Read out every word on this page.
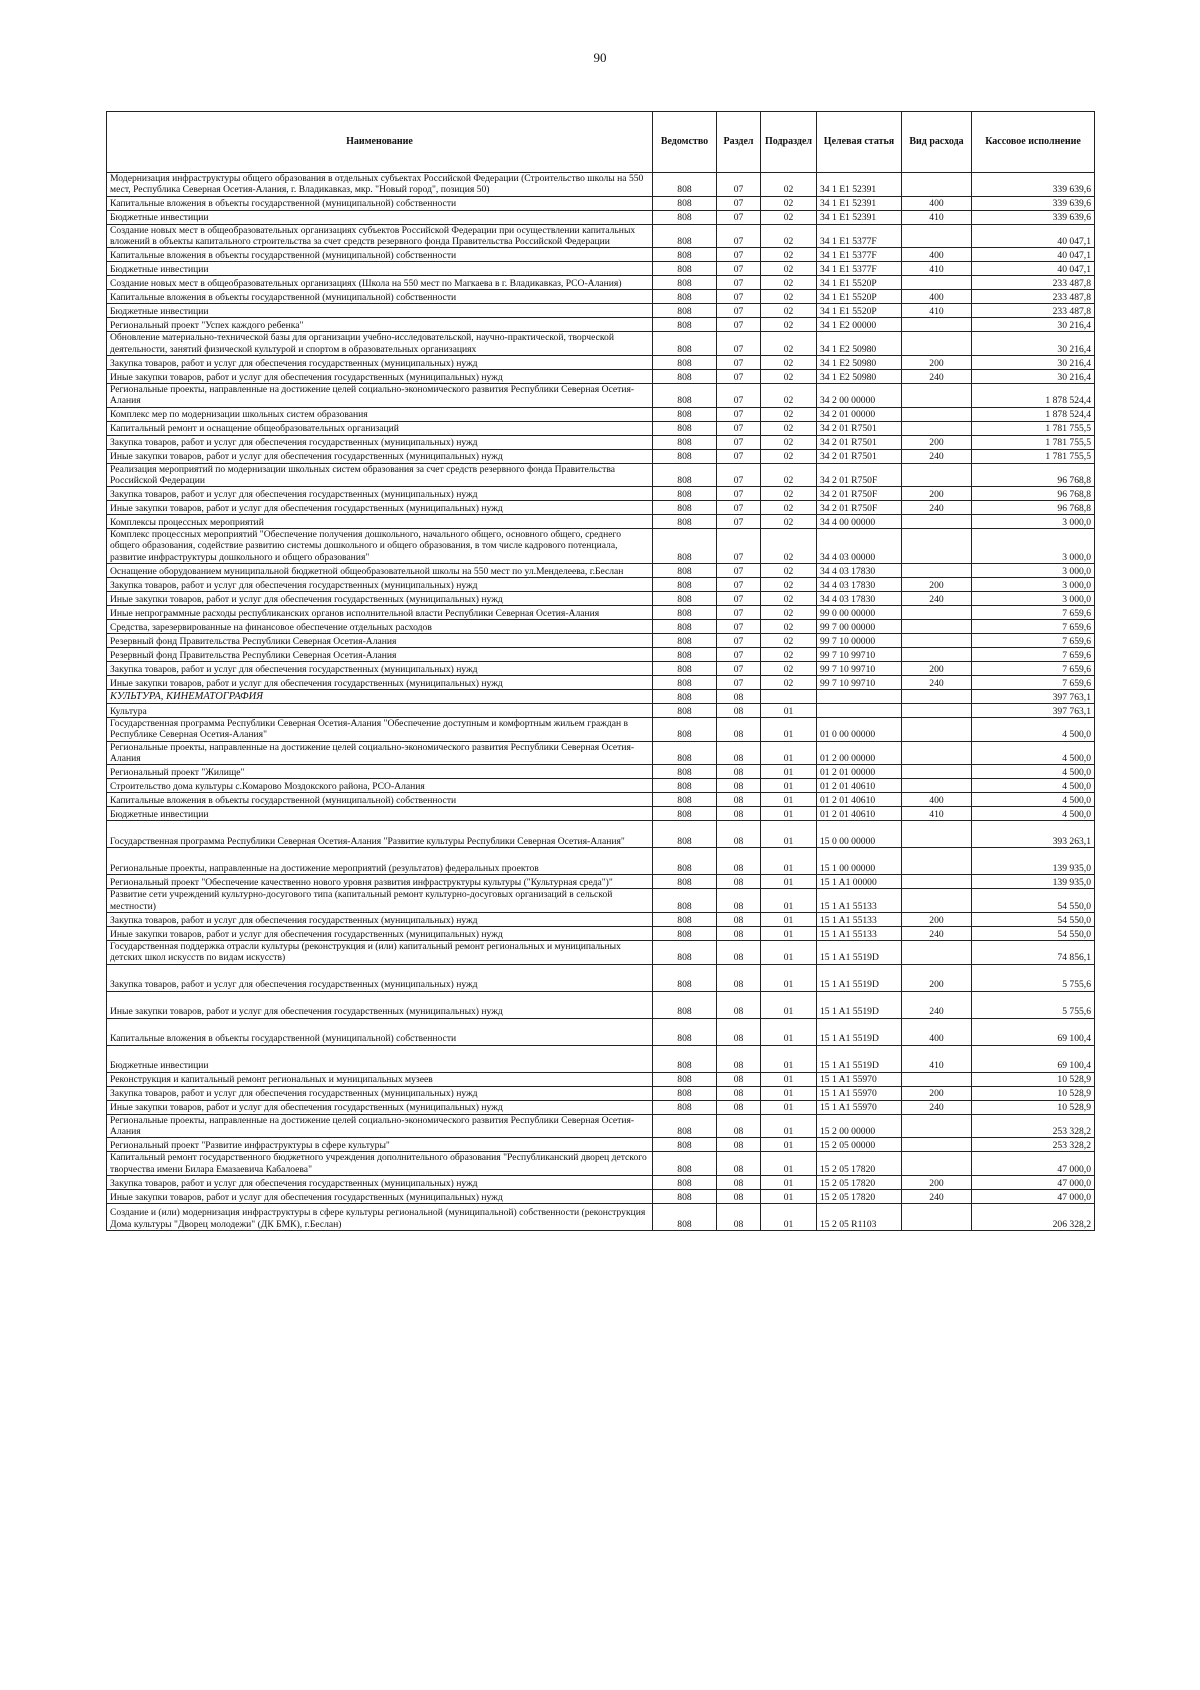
90
Наименование	Ведомство	Раздел	Подраздел	Целевая статья	Вид расхода	Кассовое исполнение
Модернизация инфраструктуры общего образования в отдельных субъектах Российской Федерации (Строительство школы на 550 мест, Республика Северная Осетия-Алания, г. Владикавказ, мкр. "Новый город", позиция 50)	808	07	02	34 1 E1 52391		339 639,6
Капитальные вложения в объекты государственной (муниципальной) собственности	808	07	02	34 1 E1 52391	400	339 639,6
Бюджетные инвестиции	808	07	02	34 1 E1 52391	410	339 639,6
Создание новых мест в общеобразовательных организациях субъектов Российской Федерации при осуществлении капитальных вложений в объекты капитального строительства за счет средств резервного фонда Правительства Российской Федерации	808	07	02	34 1 E1 5377F		40 047,1
Капитальные вложения в объекты государственной (муниципальной) собственности	808	07	02	34 1 E1 5377F	400	40 047,1
Бюджетные инвестиции	808	07	02	34 1 E1 5377F	410	40 047,1
Создание новых мест в общеобразовательных организациях (Школа на 550 мест по Магкаева в г. Владикавказ, РСО-Алания)	808	07	02	34 1 E1 5520P		233 487,8
Капитальные вложения в объекты государственной (муниципальной) собственности	808	07	02	34 1 E1 5520P	400	233 487,8
Бюджетные инвестиции	808	07	02	34 1 E1 5520P	410	233 487,8
Региональный проект "Успех каждого ребенка"	808	07	02	34 1 E2 00000		30 216,4
Обновление материально-технической базы для организации учебно-исследовательской, научно-практической, творческой деятельности, занятий физической культурой и спортом в образовательных организациях	808	07	02	34 1 E2 50980		30 216,4
Закупка товаров, работ и услуг для обеспечения государственных (муниципальных) нужд	808	07	02	34 1 E2 50980	200	30 216,4
Иные закупки товаров, работ и услуг для обеспечения государственных (муниципальных) нужд	808	07	02	34 1 E2 50980	240	30 216,4
Региональные проекты, направленные на достижение целей социально-экономического развития Республики Северная Осетия-Алания	808	07	02	34 2 00 00000		1 878 524,4
Комплекс мер по модернизации школьных систем образования	808	07	02	34 2 01 00000		1 878 524,4
Капитальный ремонт и оснащение общеобразовательных организаций	808	07	02	34 2 01 R7501		1 781 755,5
Закупка товаров, работ и услуг для обеспечения государственных (муниципальных) нужд	808	07	02	34 2 01 R7501	200	1 781 755,5
Иные закупки товаров, работ и услуг для обеспечения государственных (муниципальных) нужд	808	07	02	34 2 01 R7501	240	1 781 755,5
Реализация мероприятий по модернизации школьных систем образования за счет средств резервного фонда Правительства Российской Федерации	808	07	02	34 2 01 R750F		96 768,8
Закупка товаров, работ и услуг для обеспечения государственных (муниципальных) нужд	808	07	02	34 2 01 R750F	200	96 768,8
Иные закупки товаров, работ и услуг для обеспечения государственных (муниципальных) нужд	808	07	02	34 2 01 R750F	240	96 768,8
Комплексы процессных мероприятий	808	07	02	34 4 00 00000		3 000,0
Комплекс процессных мероприятий "Обеспечение получения дошкольного, начального общего, основного общего, среднего общего образования, содействие развитию системы дошкольного и общего образования, в том числе кадрового потенциала, развитие инфраструктуры дошкольного и общего образования"	808	07	02	34 4 03 00000		3 000,0
Оснащение оборудованием муниципальной бюджетной общеобразовательной школы на 550 мест по ул.Менделеева, г.Беслан	808	07	02	34 4 03 17830		3 000,0
Закупка товаров, работ и услуг для обеспечения государственных (муниципальных) нужд	808	07	02	34 4 03 17830	200	3 000,0
Иные закупки товаров, работ и услуг для обеспечения государственных (муниципальных) нужд	808	07	02	34 4 03 17830	240	3 000,0
Иные непрограммные расходы республиканских органов исполнительной власти Республики Северная Осетия-Алания	808	07	02	99 0 00 00000		7 659,6
Средства, зарезервированные на финансовое обеспечение отдельных расходов	808	07	02	99 7 00 00000		7 659,6
Резервный фонд Правительства Республики Северная Осетия-Алания	808	07	02	99 7 10 00000		7 659,6
Резервный фонд Правительства Республики Северная Осетия-Алания	808	07	02	99 7 10 99710		7 659,6
Закупка товаров, работ и услуг для обеспечения государственных (муниципальных) нужд	808	07	02	99 7 10 99710	200	7 659,6
Иные закупки товаров, работ и услуг для обеспечения государственных (муниципальных) нужд	808	07	02	99 7 10 99710	240	7 659,6
КУЛЬТУРА, КИНЕМАТОГРАФИЯ	808	08				397 763,1
Культура	808	08	01			397 763,1
Государственная программа Республики Северная Осетия-Алания "Обеспечение доступным и комфортным жильем граждан в Республике Северная Осетия-Алания"	808	08	01	01 0 00 00000		4 500,0
Региональные проекты, направленные на достижение целей социально-экономического развития Республики Северная Осетия-Алания	808	08	01	01 2 00 00000		4 500,0
Региональный проект "Жилище"	808	08	01	01 2 01 00000		4 500,0
Строительство дома культуры с.Комарово Моздокского района, РСО-Алания	808	08	01	01 2 01 40610		4 500,0
Капитальные вложения в объекты государственной (муниципальной) собственности	808	08	01	01 2 01 40610	400	4 500,0
Бюджетные инвестиции	808	08	01	01 2 01 40610	410	4 500,0
Государственная программа Республики Северная Осетия-Алания "Развитие культуры Республики Северная Осетия-Алания"	808	08	01	15 0 00 00000		393 263,1
Региональные проекты, направленные на достижение мероприятий (результатов) федеральных проектов	808	08	01	15 1 00 00000		139 935,0
Региональный проект "Обеспечение качественно нового уровня развития инфраструктуры культуры ("Культурная среда")"	808	08	01	15 1 A1 00000		139 935,0
Развитие сети учреждений культурно-досугового типа (капитальный ремонт культурно-досуговых организаций в сельской местности)	808	08	01	15 1 A1 55133		54 550,0
Закупка товаров, работ и услуг для обеспечения государственных (муниципальных) нужд	808	08	01	15 1 A1 55133	200	54 550,0
Иные закупки товаров, работ и услуг для обеспечения государственных (муниципальных) нужд	808	08	01	15 1 A1 55133	240	54 550,0
Государственная поддержка отрасли культуры (реконструкция и (или) капитальный ремонт региональных и муниципальных детских школ искусств по видам искусств)	808	08	01	15 1 A1 5519D		74 856,1
Закупка товаров, работ и услуг для обеспечения государственных (муниципальных) нужд	808	08	01	15 1 A1 5519D	200	5 755,6
Иные закупки товаров, работ и услуг для обеспечения государственных (муниципальных) нужд	808	08	01	15 1 A1 5519D	240	5 755,6
Капитальные вложения в объекты государственной (муниципальной) собственности	808	08	01	15 1 A1 5519D	400	69 100,4
Бюджетные инвестиции	808	08	01	15 1 A1 5519D	410	69 100,4
Реконструкция и капитальный ремонт региональных и муниципальных музеев	808	08	01	15 1 A1 55970		10 528,9
Закупка товаров, работ и услуг для обеспечения государственных (муниципальных) нужд	808	08	01	15 1 A1 55970	200	10 528,9
Иные закупки товаров, работ и услуг для обеспечения государственных (муниципальных) нужд	808	08	01	15 1 A1 55970	240	10 528,9
Региональные проекты, направленные на достижение целей социально-экономического развития Республики Северная Осетия-Алания	808	08	01	15 2 00 00000		253 328,2
Региональный проект "Развитие инфраструктуры в сфере культуры"	808	08	01	15 2 05 00000		253 328,2
Капитальный ремонт государственного бюджетного учреждения дополнительного образования "Республиканский дворец детского творчества имени Билара Емазаевича Кабалоева"	808	08	01	15 2 05 17820		47 000,0
Закупка товаров, работ и услуг для обеспечения государственных (муниципальных) нужд	808	08	01	15 2 05 17820	200	47 000,0
Иные закупки товаров, работ и услуг для обеспечения государственных (муниципальных) нужд	808	08	01	15 2 05 17820	240	47 000,0
Создание и (или) модернизация инфраструктуры в сфере культуры региональной (муниципальной) собственности (реконструкция Дома культуры "Дворец молодежи" (ДК БМК), г.Беслан)	808	08	01	15 2 05 R1103		206 328,2
